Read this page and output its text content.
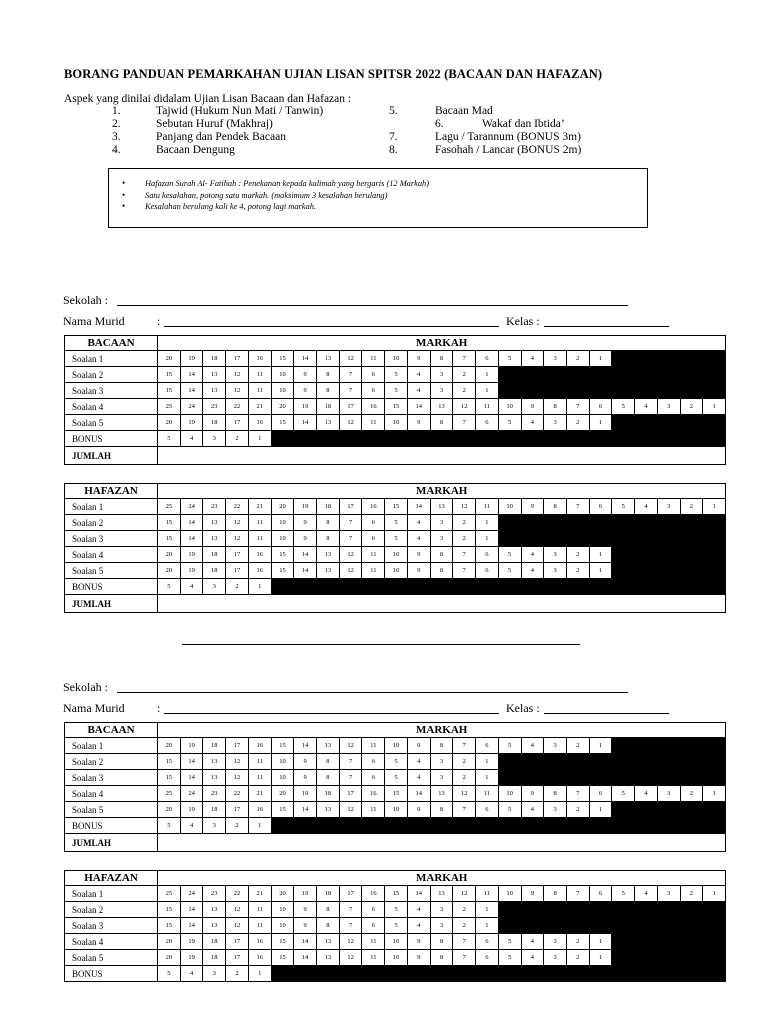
BORANG PANDUAN PEMARKAHAN UJIAN LISAN SPITSR 2022 (BACAAN DAN HAFAZAN)
Aspek yang dinilai didalam Ujian Lisan Bacaan dan Hafazan :
1.	Tajwid (Hukum Nun Mati / Tanwin)	5.	Bacaan Mad
2.	Sebutan Huruf (Makhraj)	6.	Wakaf dan Ibtida’
3.	Panjang dan Pendek Bacaan	7.	Lagu / Tarannum (BONUS 3m)
4.	Bacaan Dengung	8.	Fasohah / Lancar (BONUS 2m)
• Hafazan Surah Al- Fatihah : Penekanan kepada kalimah yang bergaris (12 Markah)
• Satu kesalahan, potong satu markah. (maksimum 3 kesalahan berulang)
• Kesalahan berulang kali ke 4, potong lagi markah.
Sekolah :
Nama Murid	:	Kelas :
BACAAN	MARKAH																								
Soalan 1	20	19	18	17	16	15	14	13	12	11	10	9	8	7	6	5	4	3	2	1					
Soalan 2	15	14	13	12	11	10	9	8	7	6	5	4	3	2	1										
Soalan 3	15	14	13	12	11	10	9	8	7	6	5	4	3	2	1										
Soalan 4	25	24	23	22	21	20	19	18	17	16	15	14	13	12	11	10	9	8	7	6	5	4	3	2	1
Soalan 5	20	19	18	17	16	15	14	13	12	11	10	9	8	7	6	5	4	3	2	1					
BONUS	5	4	3	2	1																				
JUMLAH																									
HAFAZAN	MARKAH																								
Soalan 1	25	24	23	22	21	20	19	18	17	16	15	14	13	12	11	10	9	8	7	6	5	4	3	2	1
Soalan 2	15	14	13	12	11	10	9	8	7	6	5	4	3	2	1										
Soalan 3	15	14	13	12	11	10	9	8	7	6	5	4	3	2	1										
Soalan 4	20	19	18	17	16	15	14	13	12	11	10	9	8	7	6	5	4	3	2	1					
Soalan 5	20	19	18	17	16	15	14	13	12	11	10	9	8	7	6	5	4	3	2	1					
BONUS	5	4	3	2	1																				
JUMLAH																									
Sekolah :
Nama Murid	:	Kelas :
BACAAN	MARKAH																								
Soalan 1	20	19	18	17	16	15	14	13	12	11	10	9	8	7	6	5	4	3	2	1					
Soalan 2	15	14	13	12	11	10	9	8	7	6	5	4	3	2	1										
Soalan 3	15	14	13	12	11	10	9	8	7	6	5	4	3	2	1										
Soalan 4	25	24	23	22	21	20	19	18	17	16	15	14	13	12	11	10	9	8	7	6	5	4	3	2	1
Soalan 5	20	19	18	17	16	15	14	13	12	11	10	9	8	7	6	5	4	3	2	1					
BONUS	5	4	3	2	1																				
JUMLAH																									
HAFAZAN	MARKAH																								
Soalan 1	25	24	23	22	21	20	19	18	17	16	15	14	13	12	11	10	9	8	7	6	5	4	3	2	1
Soalan 2	15	14	13	12	11	10	9	8	7	6	5	4	3	2	1										
Soalan 3	15	14	13	12	11	10	9	8	7	6	5	4	3	2	1										
Soalan 4	20	19	18	17	16	15	14	13	12	11	10	9	8	7	6	5	4	3	2	1					
Soalan 5	20	19	18	17	16	15	14	13	12	11	10	9	8	7	6	5	4	3	2	1					
BONUS	5	4	3	2	1																				
